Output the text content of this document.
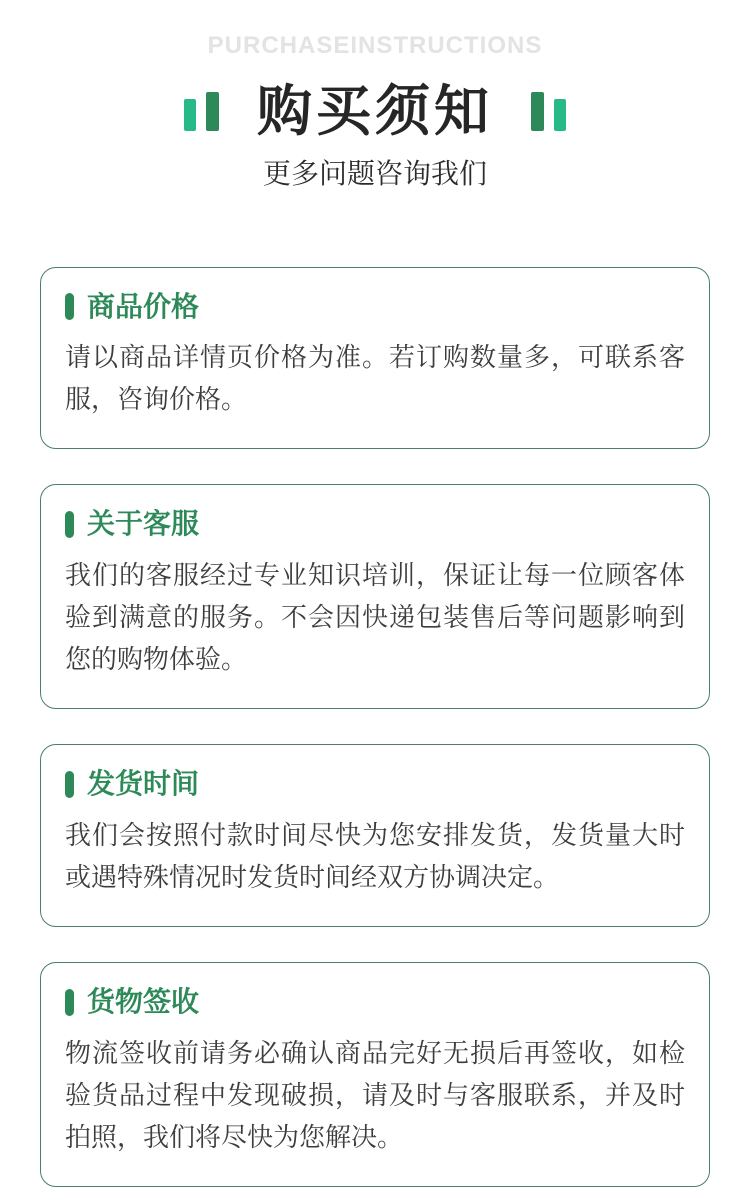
PURCHASEINSTRUCTIONS
购买须知
更多问题咨询我们
商品价格
请以商品详情页价格为准。若订购数量多，可联系客服，咨询价格。
关于客服
我们的客服经过专业知识培训，保证让每一位顾客体验到满意的服务。不会因快递包装售后等问题影响到您的购物体验。
发货时间
我们会按照付款时间尽快为您安排发货，发货量大时或遇特殊情况时发货时间经双方协调决定。
货物签收
物流签收前请务必确认商品完好无损后再签收，如检验货品过程中发现破损，请及时与客服联系，并及时拍照，我们将尽快为您解决。
